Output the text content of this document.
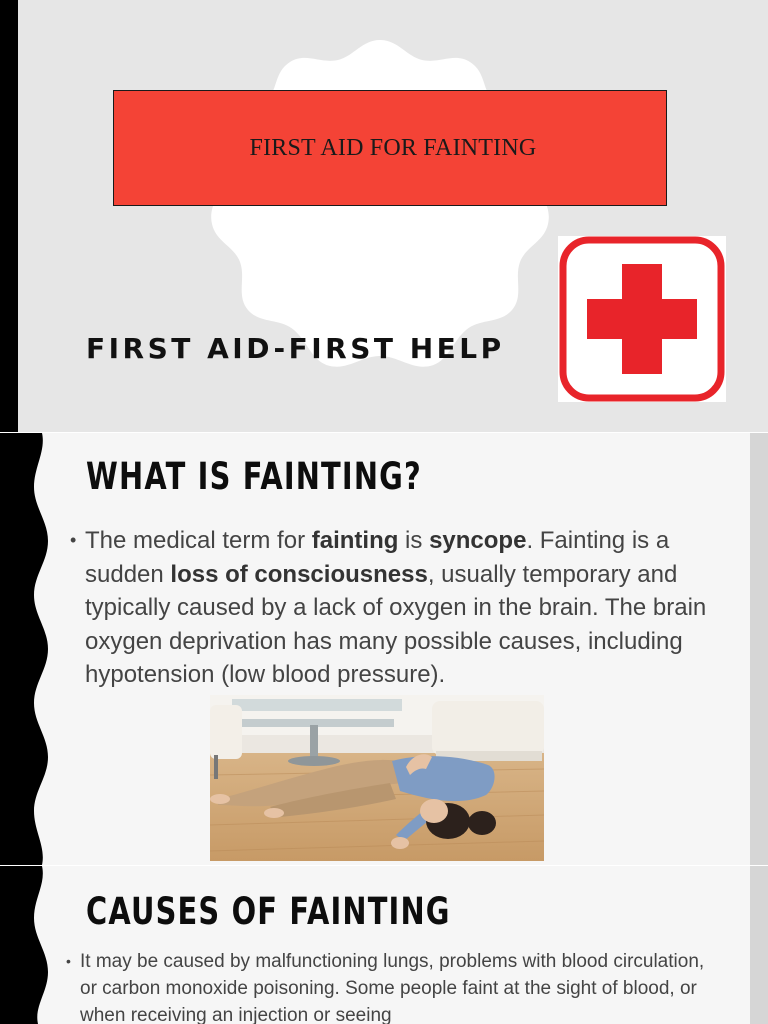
FIRST AID FOR FAINTING
FIRST AID-FIRST HELP
WHAT IS FAINTING?
• The medical term for fainting is syncope. Fainting is a sudden loss of consciousness, usually temporary and typically caused by a lack of oxygen in the brain. The brain oxygen deprivation has many possible causes, including hypotension (low blood pressure).
CAUSES OF FAINTING
• It may be caused by malfunctioning lungs, problems with blood circulation, or carbon monoxide poisoning. Some people faint at the sight of blood, or when receiving an injection or seeing
